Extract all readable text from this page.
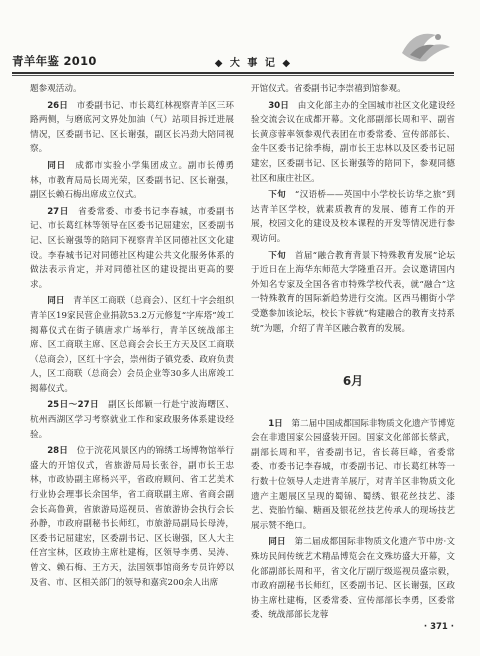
青羊年鉴 2010	◆ 大 事 记 ◆

题参观活动。

26日　 市委副书记、市长葛红林视察青羊区三环路两侧，与磨底河文界处加油（气）站项目拆迁进展情况，区委副书记、区长谢强，副区长冯劲大陪同视察。

同日　 成都市实验小学集团成立。副市长傅勇林，市教育局局长周光荣，区委副书记、区长谢强，副区长赖石梅出席成立仪式。

27日　 省委常委、市委书记李春城，市委副书记、市长葛红林等领导在区委书记屈建宏，区委副书记、区长谢强等的陪同下视察青羊区同德社区文化建设。李春城书记对同德社区构建公共文化服务体系的做法表示肯定，并对同德社区的建设提出更高的要求。

同日　 青羊区工商联（总商会）、区红十字会组织青羊区19家民营企业捐款53.2万元修复“字库塔”竣工揭幕仪式在街子镇唐求广场举行，青羊区统战部主席、区工商联主席、区总商会会长王方天及区工商联（总商会），区红十字会，崇州街子镇党委、政府负责人，区工商联（总商会）会员企业等30多人出席竣工揭幕仪式。

25日～27日　 副区长郎颖一行赴宁波海曙区、杭州西湖区学习考察就业工作和家政服务体系建设经验。

28日　 位于浣花风景区内的锦绣工场博物馆举行盛大的开馆仪式，省旅游局局长张谷，副市长王忠林，市政协副主席杨兴平，省政府顾问、省工艺美术行业协会理事长余国华，省工商联副主席、省商会副会长高鲁黄，省旅游局巡视员、省旅游协会执行会长孙静，市政府副秘书长师红，市旅游局副局长母涛，区委书记屈建宏，区委副书记、区长谢强，区人大主任宫宝林，区政协主席杜建梅，区领导李勇、吴涛、曾文、赖石梅、王方天，法国领事馆商务专员许婷以及省、市、区相关部门的领导和嘉宾200余人出席

开馆仪式。省委副书记李崇禧到馆参观。

30日　 由文化部主办的全国城市社区文化建设经验交流会议在成都开幕。文化部副部长周和平、副省长黄彦蓉率领参观代表团在市委常委、宣传部部长、金牛区委书记徐季梅，副市长王忠林以及区委书记屈建宏，区委副书记、区长谢强等的陪同下，参观同德社区和康庄社区。

下旬　 “汉语桥——英国中小学校长访华之旅”到达青羊区学校，就素质教育的发展、德育工作的开展，校园文化的建设及校本课程的开发等情况进行参观访问。

下旬　 首届“融合教育背景下特殊教育发展”论坛于近日在上海华东师范大学隆重召开。会议邀请国内外知名专家及全国各省市特殊学校代表，就“融合”这一特殊教育的国际新趋势进行交流。区西马棚街小学受邀参加该论坛，校长卞蓉就“构建融合的教育支持系统”为题，介绍了青羊区融合教育的发展。

6月

1日　 第二届中国成都国际非物质文化遗产节博览会在非遗国家公园盛装开园。国家文化部部长蔡武，副部长周和平，省委副书记，省长蒋巨峰，省委常委、市委书记李春城，市委副书记、市长葛红林等一行数十位领导人走进青羊展厅，对青羊区非物质文化遗产主题展区呈现的蜀锦、蜀绣、银花丝技艺、漆艺、瓷胎竹编、糖画及银花丝技艺传承人的现场技艺展示赞不绝口。

同日　 第二届成都国际非物质文化遗产节中房·文殊坊民间传统艺术精品博览会在文殊坊盛大开幕，文化部副部长周和平，省文化厅副厅级巡视员盛宗毅，市政府副秘书长师红，区委副书记、区长谢强，区政协主席杜建梅，区委常委、宣传部部长李勇，区委常委、统战部部长龙蓉

· 371 ·
